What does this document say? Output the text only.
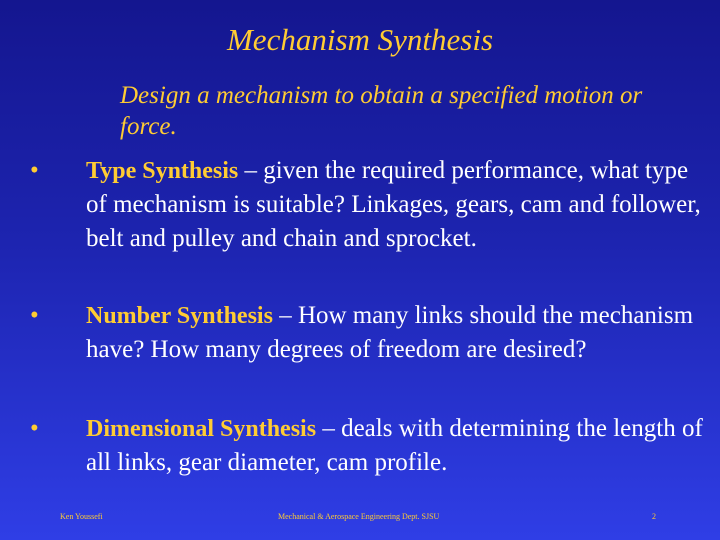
Mechanism Synthesis
Design a mechanism to obtain a specified motion or force.
• Type Synthesis – given the required performance, what type of mechanism is suitable? Linkages, gears, cam and follower, belt and pulley and chain and sprocket.
• Number Synthesis – How many links should the mechanism have? How many degrees of freedom are desired?
• Dimensional Synthesis – deals with determining the length of all links, gear diameter, cam profile.
Ken Youssefi	Mechanical & Aerospace Engineering Dept. SJSU	2
